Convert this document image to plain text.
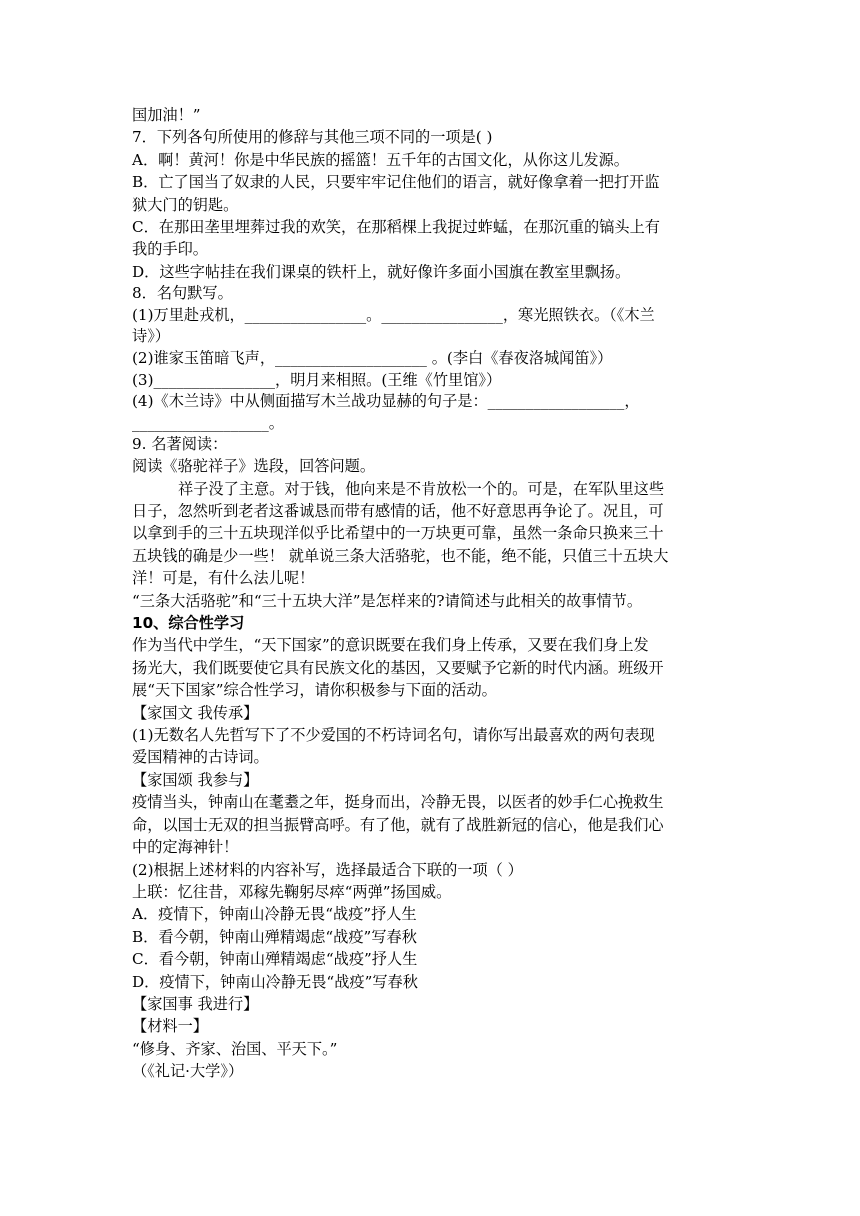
国加油！”
7．下列各句所使用的修辞与其他三项不同的一项是( )
A．啊！黄河！你是中华民族的摇篮！五千年的古国文化，从你这儿发源。
B．亡了国当了奴隶的人民，只要牢牢记住他们的语言，就好像拿着一把打开监
狱大门的钥匙。
C．在那田垄里埋葬过我的欢笑，在那稻棵上我捉过蚱蜢，在那沉重的镐头上有
我的手印。
D．这些字帖挂在我们课桌的铁杆上，就好像许多面小国旗在教室里飘扬。
8．名句默写。
(1)万里赴戎机，________________。________________，寒光照铁衣。（《木兰
诗》）
(2)谁家玉笛暗飞声，____________________ 。(李白《春夜洛城闻笛》）
(3)________________，明月来相照。(王维《竹里馆》）
(4)《木兰诗》中从侧面描写木兰战功显赫的句子是：__________________，
__________________。
9. 名著阅读：
阅读《骆驼祥子》选段，回答问题。
祥子没了主意。对于钱，他向来是不肯放松一个的。可是，在军队里这些
日子，忽然听到老者这番诚恳而带有感情的话，他不好意思再争论了。况且，可
以拿到手的三十五块现洋似乎比希望中的一万块更可靠，虽然一条命只换来三十
五块钱的确是少一些！ 就单说三条大活骆驼，也不能，绝不能，只值三十五块大
洋！可是，有什么法儿呢！
“三条大活骆驼”和“三十五块大洋”是怎样来的?请简述与此相关的故事情节。
10、综合性学习
作为当代中学生，“天下国家”的意识既要在我们身上传承，又要在我们身上发
扬光大，我们既要使它具有民族文化的基因，又要赋予它新的时代内涵。班级开
展“天下国家”综合性学习，请你积极参与下面的活动。
【家国文 我传承】
(1)无数名人先哲写下了不少爱国的不朽诗词名句，请你写出最喜欢的两句表现
爱国精神的古诗词。
【家国颂 我参与】
疫情当头，钟南山在耄耋之年，挺身而出，冷静无畏，以医者的妙手仁心挽救生
命，以国士无双的担当振臂高呼。有了他，就有了战胜新冠的信心，他是我们心
中的定海神针！
(2)根据上述材料的内容补写，选择最适合下联的一项（ ）
上联：忆往昔，邓稼先鞠躬尽瘁“两弹”扬国威。
A．疫情下，钟南山冷静无畏“战疫”抒人生
B．看今朝，钟南山殚精竭虑“战疫”写春秋
C．看今朝，钟南山殚精竭虑“战疫”抒人生
D．疫情下，钟南山冷静无畏“战疫”写春秋
【家国事 我进行】
【材料一】
“修身、齐家、治国、平天下。”
（《礼记·大学》）
